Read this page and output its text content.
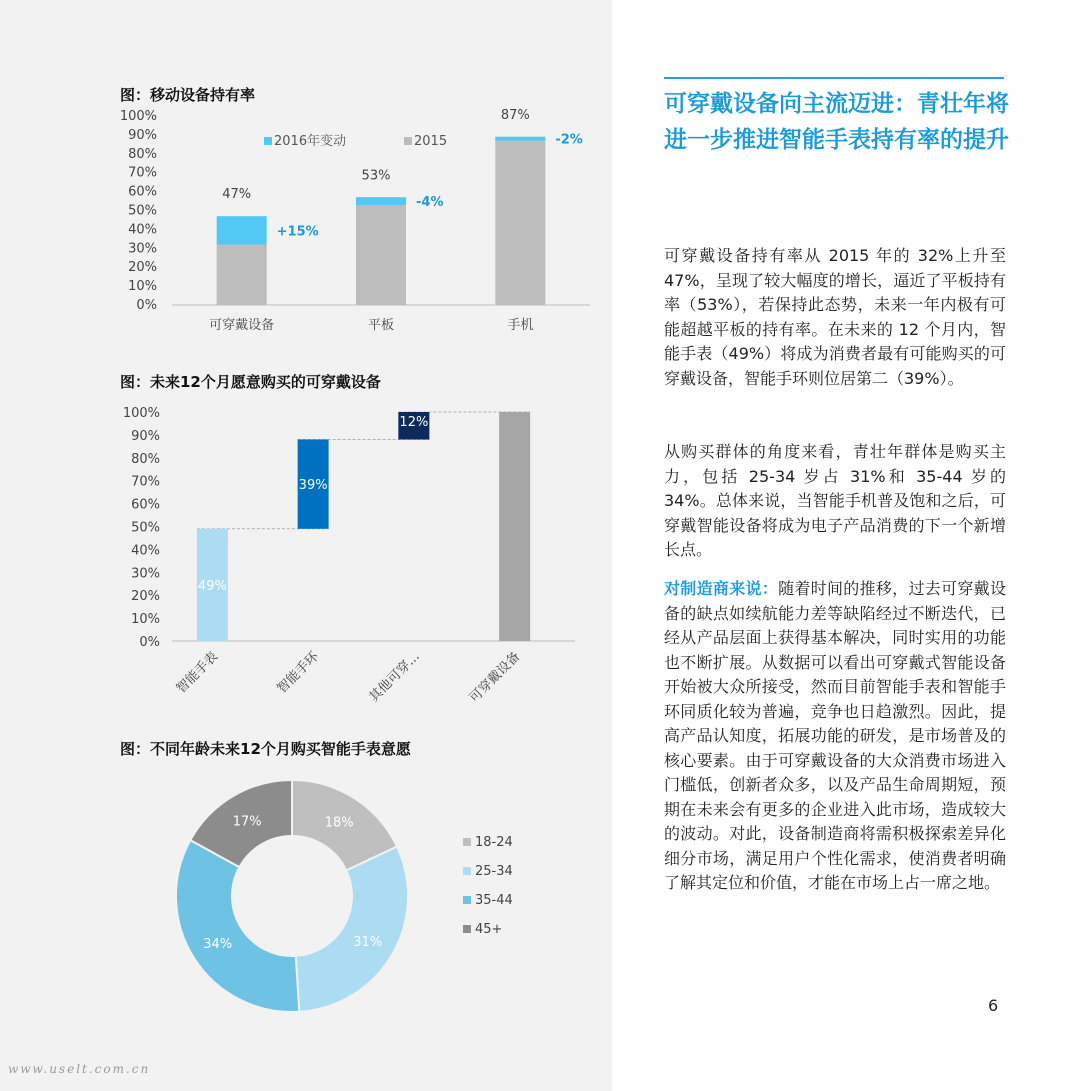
图：移动设备持有率
0%
10%
20%
30%
40%
50%
60%
70%
80%
90%
100%
可穿戴设备
47%
+15%
平板
53%
-4%
手机
87%
-2%
2016年变动	2015
图：未来12个月愿意购买的可穿戴设备
0%
10%
20%
30%
40%
50%
60%
70%
80%
90%
100%
49%
智能手表
39%
智能手环
12%
其他可穿...	可穿戴设备
图：不同年龄未来12个月购买智能手表意愿
18%
31%
34%
17%
18-24
25-34
35-44
45+
www.uselt.com.cn
可穿戴设备向主流迈进：青壮年将进一步推进智能手表持有率的提升
可穿戴设备持有率从 2015 年的 32%上升至 47%，呈现了较大幅度的增长，逼近了平板持有率（53%），若保持此态势，未来一年内极有可能超越平板的持有率。在未来的 12 个月内，智能手表（49%）将成为消费者最有可能购买的可穿戴设备，智能手环则位居第二（39%）。
从购买群体的角度来看，青壮年群体是购买主力，包括 25-34 岁占 31%和 35-44 岁的 34%。总体来说，当智能手机普及饱和之后，可穿戴智能设备将成为电子产品消费的下一个新增长点。
对制造商来说：随着时间的推移，过去可穿戴设备的缺点如续航能力差等缺陷经过不断迭代，已经从产品层面上获得基本解决，同时实用的功能也不断扩展。从数据可以看出可穿戴式智能设备开始被大众所接受，然而目前智能手表和智能手环同质化较为普遍，竞争也日趋激烈。因此，提高产品认知度，拓展功能的研发，是市场普及的核心要素。由于可穿戴设备的大众消费市场进入门槛低，创新者众多，以及产品生命周期短，预期在未来会有更多的企业进入此市场，造成较大的波动。对此，设备制造商将需积极探索差异化细分市场，满足用户个性化需求，使消费者明确了解其定位和价值，才能在市场上占一席之地。
6
